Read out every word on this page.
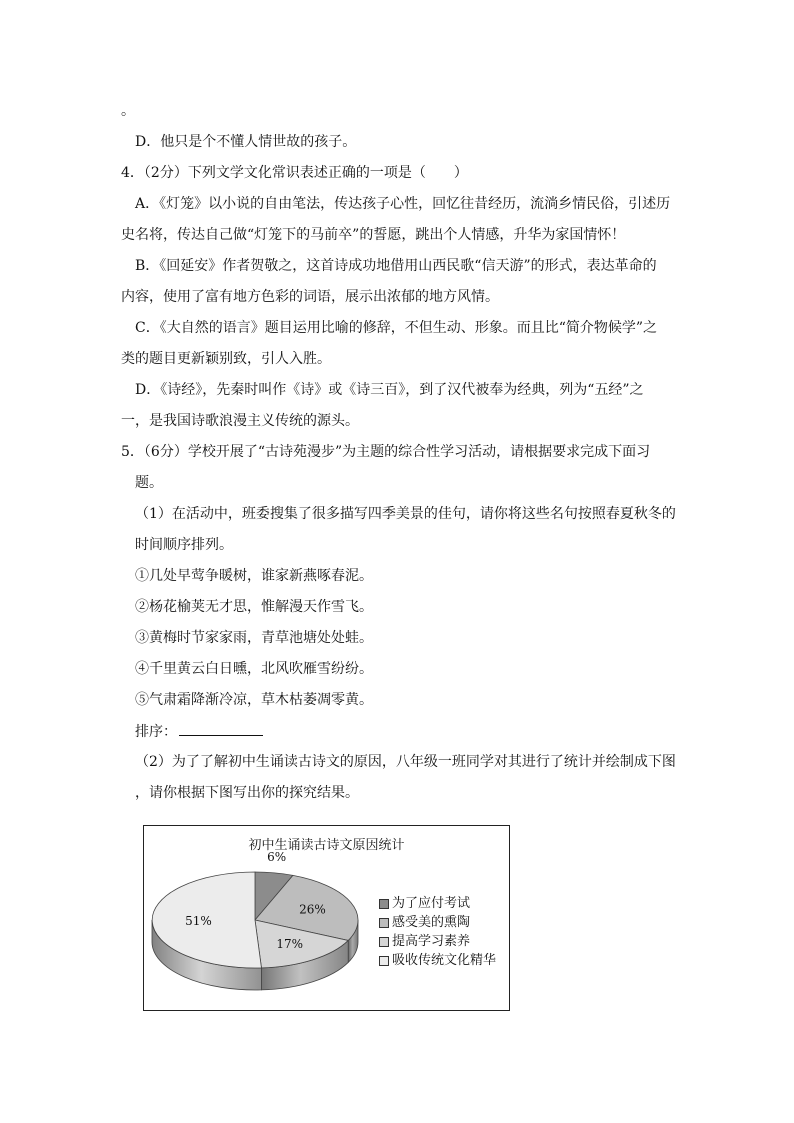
。
D．他只是个不懂人情世故的孩子。
4．（2分）下列文学文化常识表述正确的一项是（　　）
A．《灯笼》以小说的自由笔法，传达孩子心性，回忆往昔经历，流淌乡情民俗，引述历
史名将，传达自己做“灯笼下的马前卒”的誓愿，跳出个人情感，升华为家国情怀！
B．《回延安》作者贺敬之，这首诗成功地借用山西民歌“信天游”的形式，表达革命的
内容，使用了富有地方色彩的词语，展示出浓郁的地方风情。
C．《大自然的语言》题目运用比喻的修辞，不但生动、形象。而且比“简介物候学”之
类的题目更新颖别致，引人入胜。
D．《诗经》，先秦时叫作《诗》或《诗三百》，到了汉代被奉为经典，列为“五经”之
一，是我国诗歌浪漫主义传统的源头。
5．（6分）学校开展了“古诗苑漫步”为主题的综合性学习活动，请根据要求完成下面习
题。
（1）在活动中，班委搜集了很多描写四季美景的佳句，请你将这些名句按照春夏秋冬的
时间顺序排列。
①几处早莺争暖树，谁家新燕啄春泥。
②杨花榆荚无才思，惟解漫天作雪飞。
③黄梅时节家家雨，青草池塘处处蛙。
④千里黄云白日曛，北风吹雁雪纷纷。
⑤气肃霜降渐冷凉，草木枯萎凋零黄。
排序：
（2）为了了解初中生诵读古诗文的原因，八年级一班同学对其进行了统计并绘制成下图
，请你根据下图写出你的探究结果。
初中生诵读古诗文原因统计
6%
26%
17%
51%
为了应付考试
感受美的熏陶
提高学习素养
吸收传统文化精华
